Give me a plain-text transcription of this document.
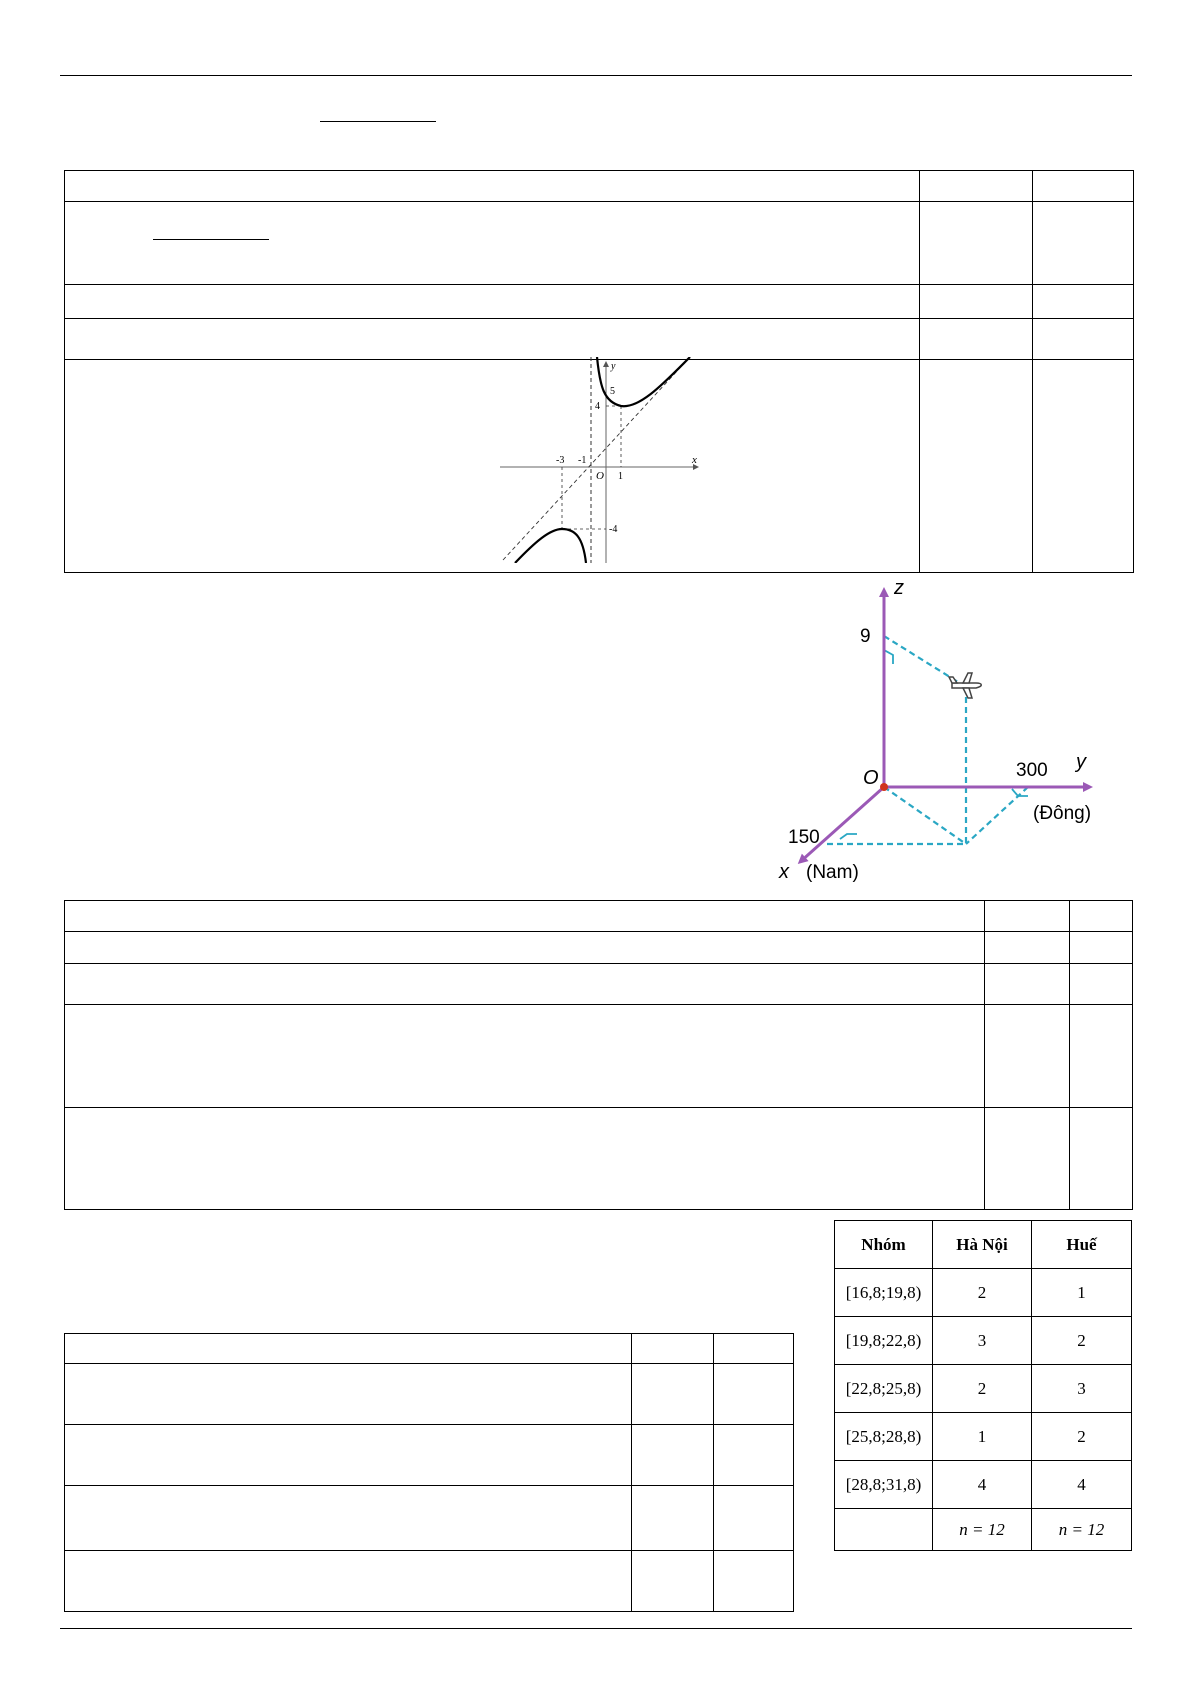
y
x
O
-3 -1
1
5
4
-4
z
9
O	300 y
(Đông)
150
x (Nam)

Nhóm	Hà Nội	Huế
[16,8;19,8)	2	1
[19,8;22,8)	3	2
[22,8;25,8)	2	3
[25,8;28,8)	1	2
[28,8;31,8)	4	4
	n = 12	n = 12
